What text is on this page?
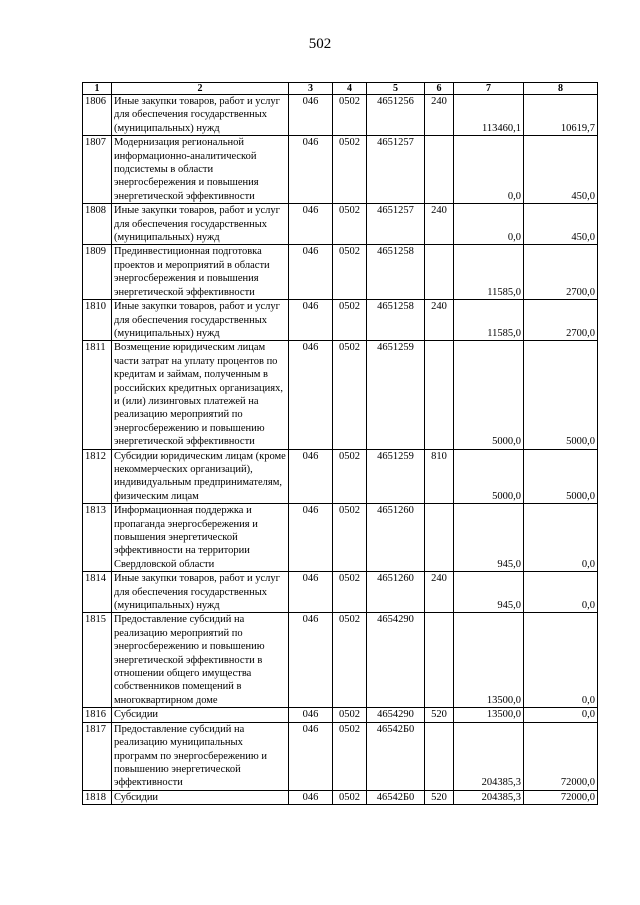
502
1	2	3	4	5	6	7	8
1806	Иные закупки товаров, работ и услуг для обеспечения государственных (муниципальных) нужд	046	0502	4651256	240	113460,1	10619,7
1807	Модернизация региональной информационно-аналитической подсистемы в области энергосбережения и повышения энергетической эффективности	046	0502	4651257		0,0	450,0
1808	Иные закупки товаров, работ и услуг для обеспечения государственных (муниципальных) нужд	046	0502	4651257	240	0,0	450,0
1809	Прединвестиционная подготовка проектов и мероприятий в области энергосбережения и повышения энергетической эффективности	046	0502	4651258		11585,0	2700,0
1810	Иные закупки товаров, работ и услуг для обеспечения государственных (муниципальных) нужд	046	0502	4651258	240	11585,0	2700,0
1811	Возмещение юридическим лицам части затрат на уплату процентов по кредитам и займам, полученным в российских кредитных организациях, и (или) лизинговых платежей на реализацию мероприятий по энергосбережению и повышению энергетической эффективности	046	0502	4651259		5000,0	5000,0
1812	Субсидии юридическим лицам (кроме некоммерческих организаций), индивидуальным предпринимателям, физическим лицам	046	0502	4651259	810	5000,0	5000,0
1813	Информационная поддержка и пропаганда энергосбережения и повышения энергетической эффективности на территории Свердловской области	046	0502	4651260		945,0	0,0
1814	Иные закупки товаров, работ и услуг для обеспечения государственных (муниципальных) нужд	046	0502	4651260	240	945,0	0,0
1815	Предоставление субсидий на реализацию мероприятий по энергосбережению и повышению энергетической эффективности в отношении общего имущества собственников помещений в многоквартирном доме	046	0502	4654290		13500,0	0,0
1816	Субсидии	046	0502	4654290	520	13500,0	0,0
1817	Предоставление субсидий на реализацию муниципальных программ по энергосбережению и повышению энергетической эффективности	046	0502	46542Б0		204385,3	72000,0
1818	Субсидии	046	0502	46542Б0	520	204385,3	72000,0
